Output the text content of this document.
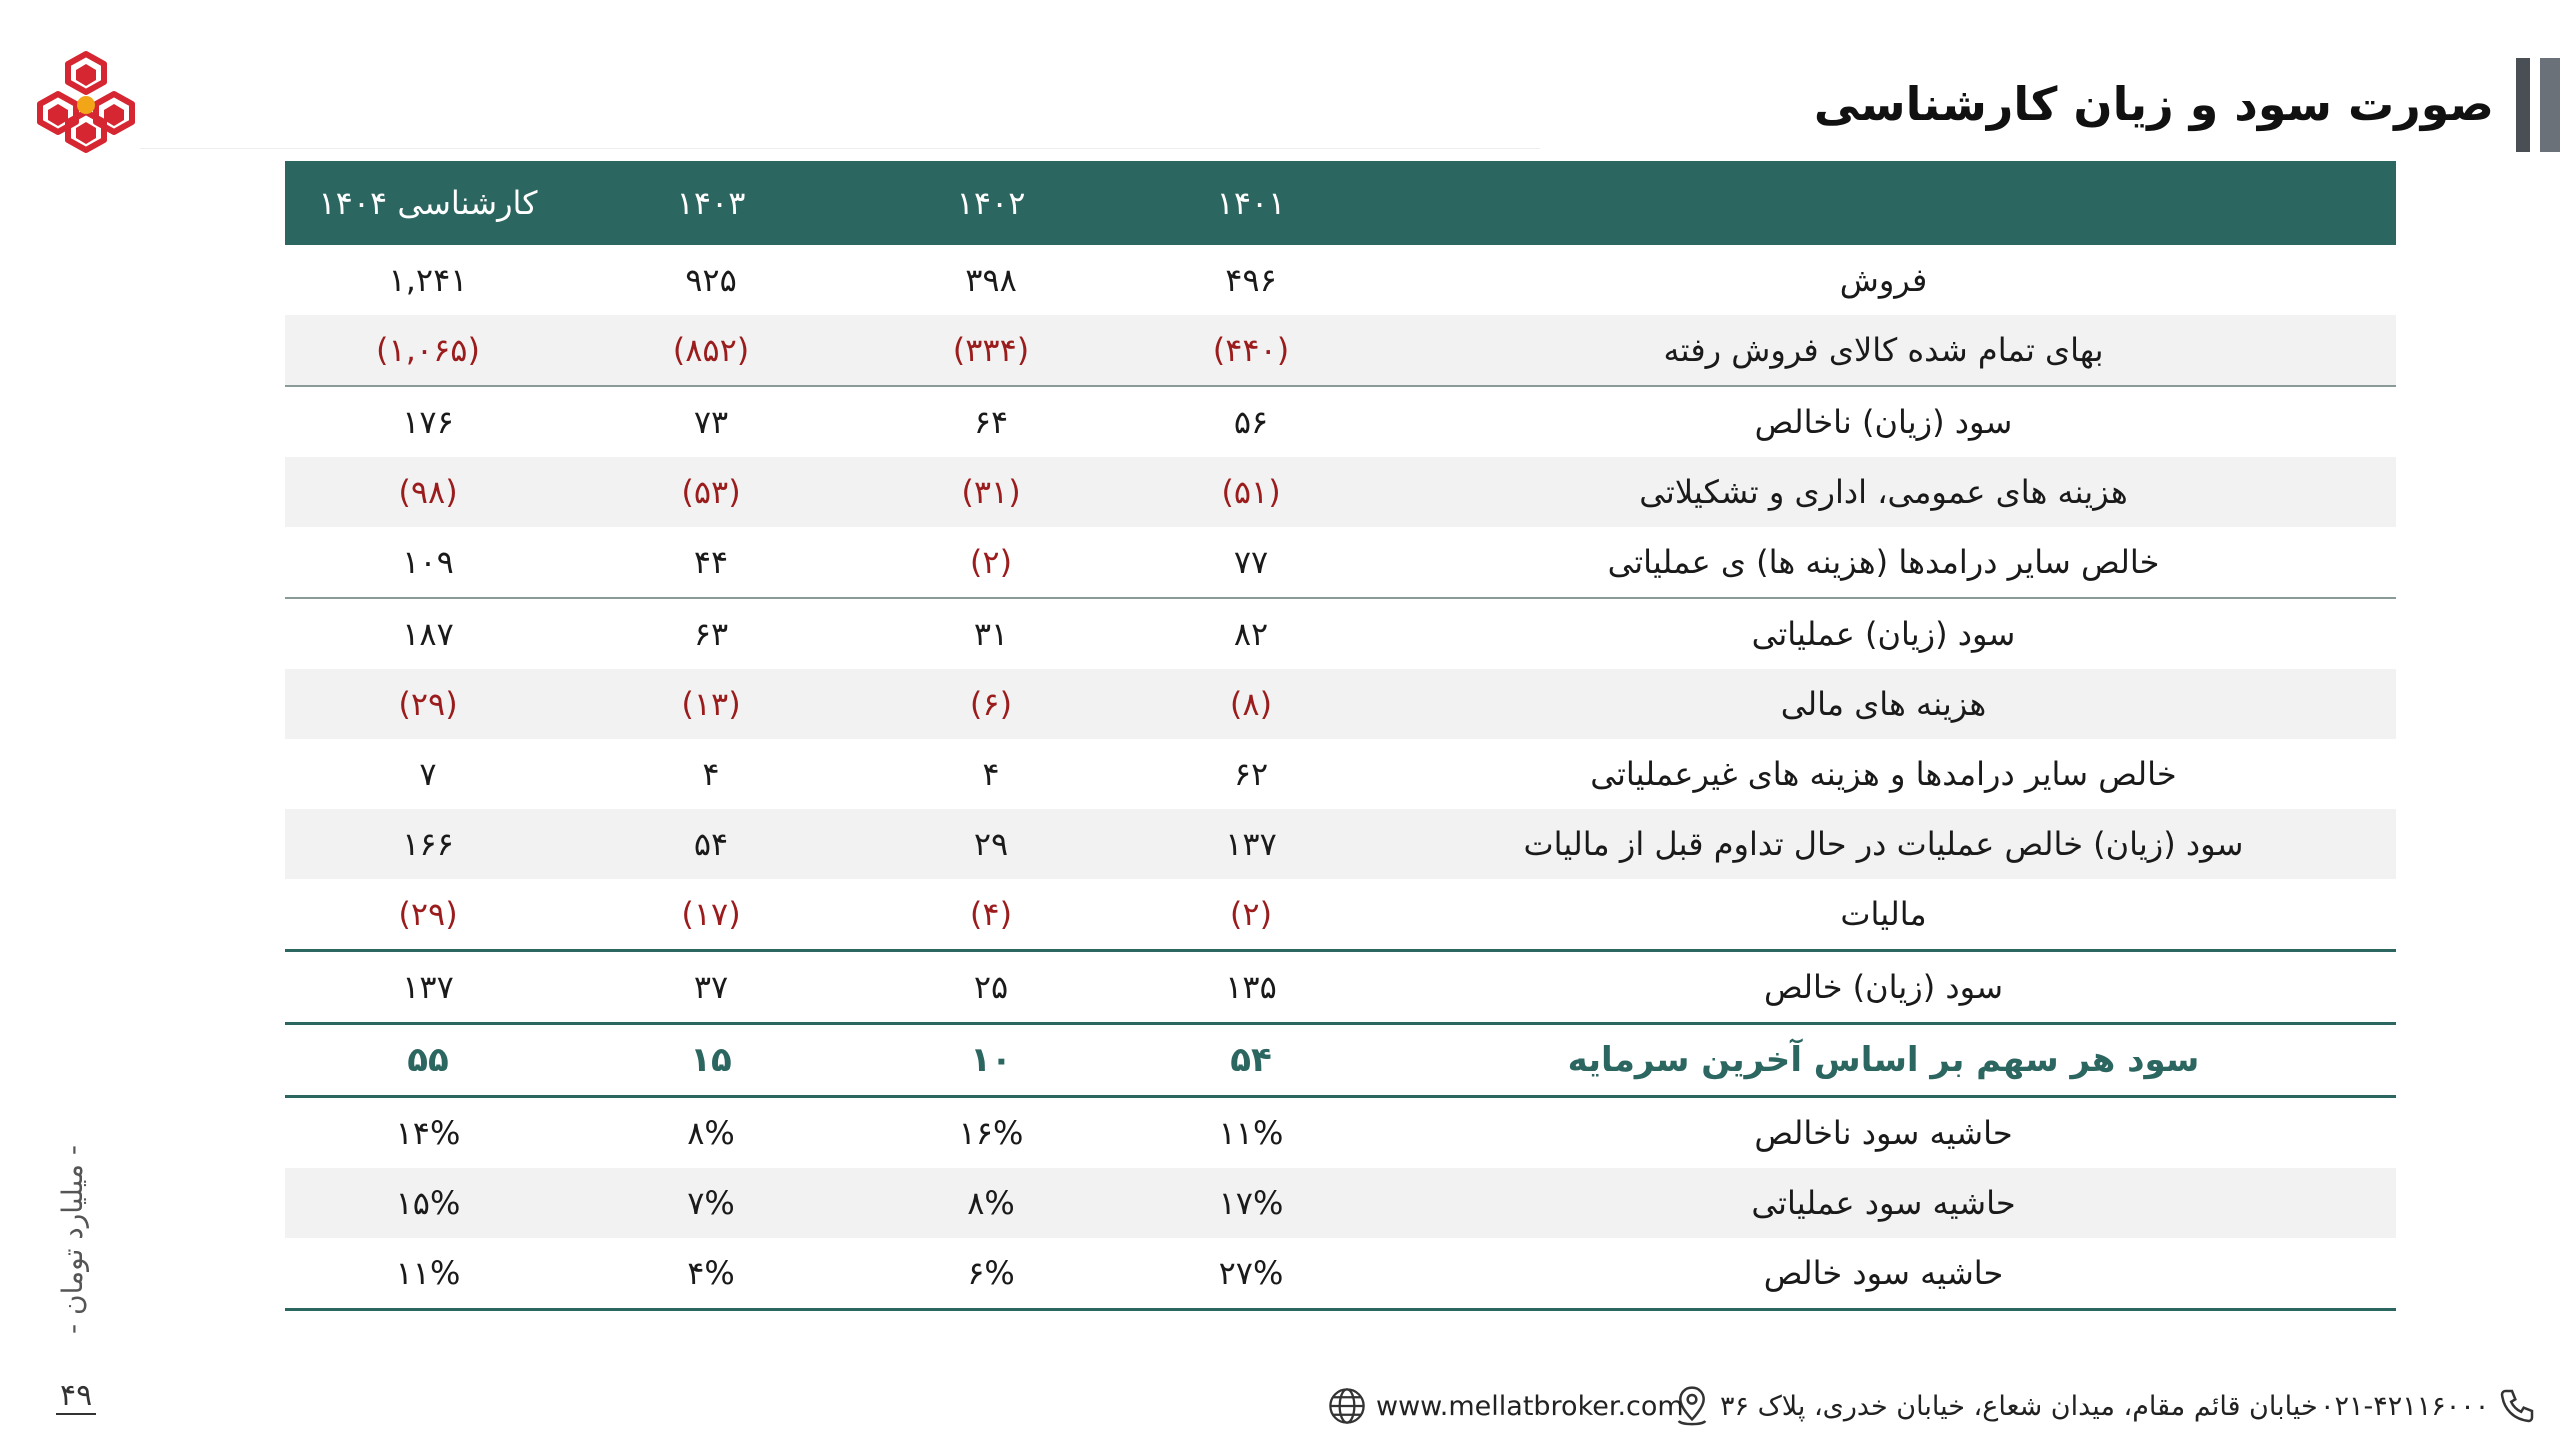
صورت سود و زیان کارشناسی
	۱۴۰۱	۱۴۰۲	۱۴۰۳	کارشناسی ۱۴۰۴
فروش	۴۹۶	۳۹۸	۹۲۵	۱,۲۴۱
بهای تمام شده کالای فروش رفته	(۴۴۰)	(۳۳۴)	(۸۵۲)	(۱,۰۶۵)
سود (زیان) ناخالص	۵۶	۶۴	۷۳	۱۷۶
هزینه های عمومی، اداری و تشکیلاتی	(۵۱)	(۳۱)	(۵۳)	(۹۸)
خالص سایر درامدها (هزینه ها) ی عملیاتی	۷۷	(۲)	۴۴	۱۰۹
سود (زیان) عملیاتی	۸۲	۳۱	۶۳	۱۸۷
هزینه های مالی	(۸)	(۶)	(۱۳)	(۲۹)
خالص سایر درامدها و هزینه های غیرعملیاتی	۶۲	۴	۴	۷
سود (زیان) خالص عملیات در حال تداوم قبل از مالیات	۱۳۷	۲۹	۵۴	۱۶۶
مالیات	(۲)	(۴)	(۱۷)	(۲۹)
سود (زیان) خالص	۱۳۵	۲۵	۳۷	۱۳۷
سود هر سهم بر اساس آخرین سرمایه	۵۴	۱۰	۱۵	۵۵
حاشیه سود ناخالص	۱۱%	۱۶%	۸%	۱۴%
حاشیه سود عملیاتی	۱۷%	۸%	۷%	۱۵%
حاشیه سود خالص	۲۷%	۶%	۴%	۱۱%
- میلیارد تومان -
۴۹	۰۲۱-۴۲۱۱۶۰۰۰
خیابان قائم مقام، میدان شعاع، خیابان خدری، پلاک ۳۶
www.mellatbroker.com
